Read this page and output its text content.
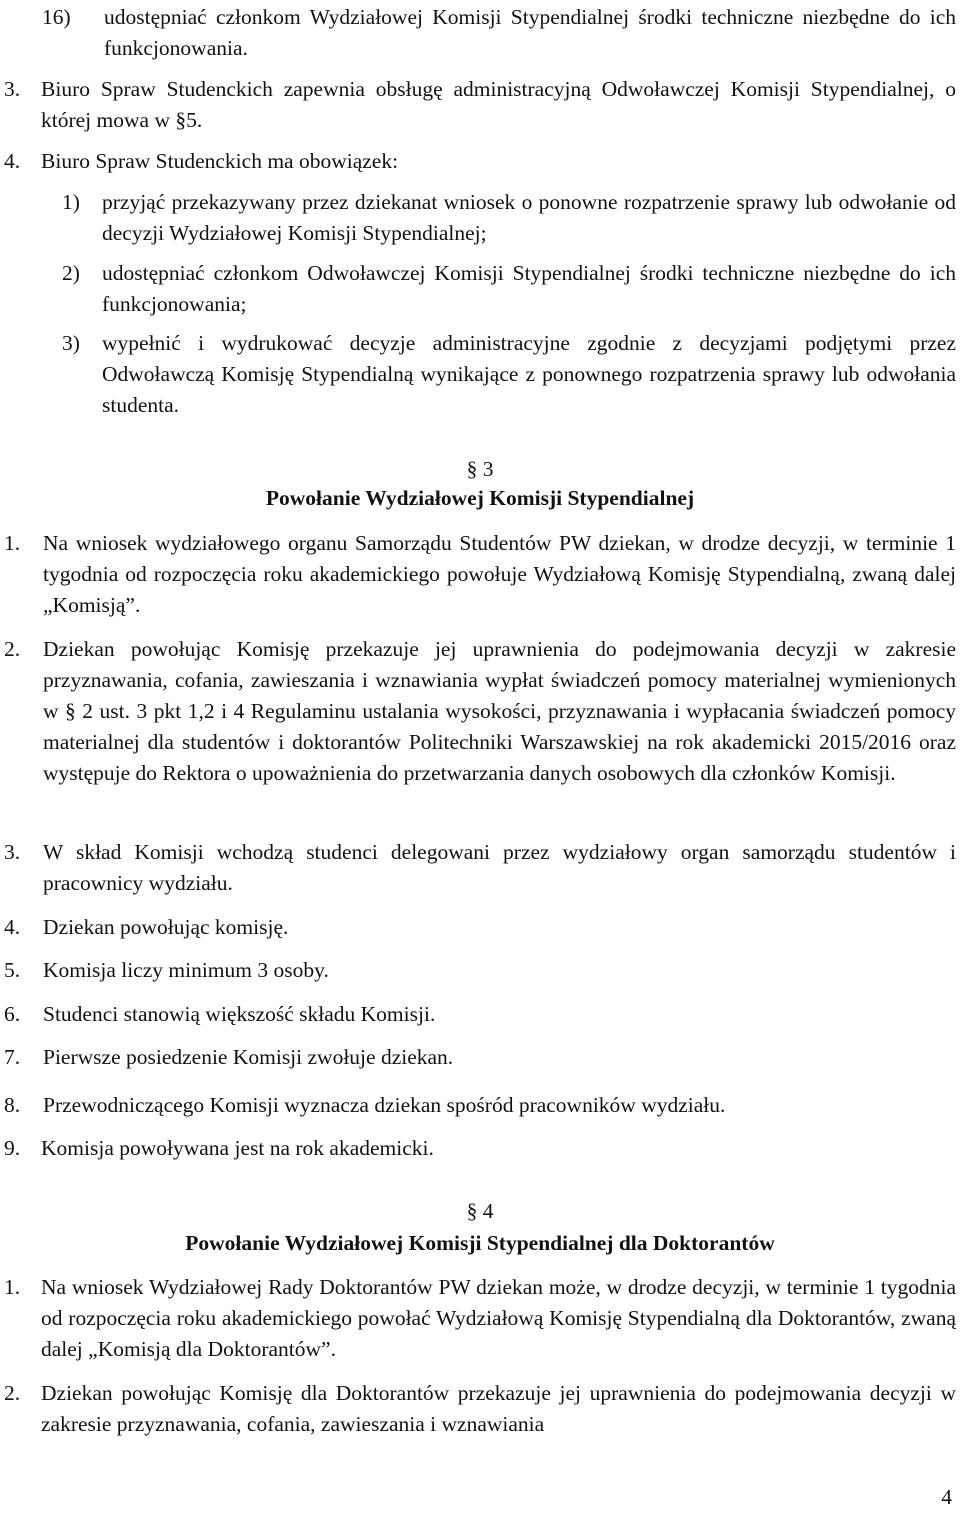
16)	udostępniać członkom Wydziałowej Komisji Stypendialnej środki techniczne niezbędne do ich funkcjonowania.

3. Biuro Spraw Studenckich zapewnia obsługę administracyjną Odwoławczej Komisji Stypendialnej, o której mowa w §5.

4. Biuro Spraw Studenckich ma obowiązek:

1)	przyjąć przekazywany przez dziekanat wniosek o ponowne rozpatrzenie sprawy lub odwołanie od decyzji Wydziałowej Komisji Stypendialnej;

2)	udostępniać członkom Odwoławczej Komisji Stypendialnej środki techniczne niezbędne do ich funkcjonowania;

3)	wypełnić i wydrukować decyzje administracyjne zgodnie z decyzjami podjętymi przez Odwoławczą Komisję Stypendialną wynikające z ponownego rozpatrzenia sprawy lub odwołania studenta.

§ 3
Powołanie Wydziałowej Komisji Stypendialnej
1.	Na wniosek wydziałowego organu Samorządu Studentów PW dziekan, w drodze decyzji, w terminie 1 tygodnia od rozpoczęcia roku akademickiego powołuje Wydziałową Komisję Stypendialną, zwaną dalej „Komisją”.

2.	Dziekan powołując Komisję przekazuje jej uprawnienia do podejmowania decyzji w zakresie przyznawania, cofania, zawieszania i wznawiania wypłat świadczeń pomocy materialnej wymienionych w § 2 ust. 3 pkt 1,2 i 4 Regulaminu ustalania wysokości, przyznawania i wypłacania świadczeń pomocy materialnej dla studentów i doktorantów Politechniki Warszawskiej na rok akademicki 2015/2016 oraz występuje do Rektora o upoważnienia do przetwarzania danych osobowych dla członków Komisji.

3.	W skład Komisji wchodzą studenci delegowani przez wydziałowy organ samorządu studentów i pracownicy wydziału.

4.	Dziekan powołując komisję.

5.	Komisja liczy minimum 3 osoby.

6.	Studenci stanowią większość składu Komisji.

7.	Pierwsze posiedzenie Komisji zwołuje dziekan.

8.	Przewodniczącego Komisji wyznacza dziekan spośród pracowników wydziału.

9. Komisja powoływana jest na rok akademicki.

§ 4
Powołanie Wydziałowej Komisji Stypendialnej dla Doktorantów
1. Na wniosek Wydziałowej Rady Doktorantów PW dziekan może, w drodze decyzji, w terminie 1 tygodnia od rozpoczęcia roku akademickiego powołać Wydziałową Komisję Stypendialną dla Doktorantów, zwaną dalej „Komisją dla Doktorantów”.

2. Dziekan powołując Komisję dla Doktorantów przekazuje jej uprawnienia do podejmowania decyzji w zakresie przyznawania, cofania, zawieszania i wznawiania

4
